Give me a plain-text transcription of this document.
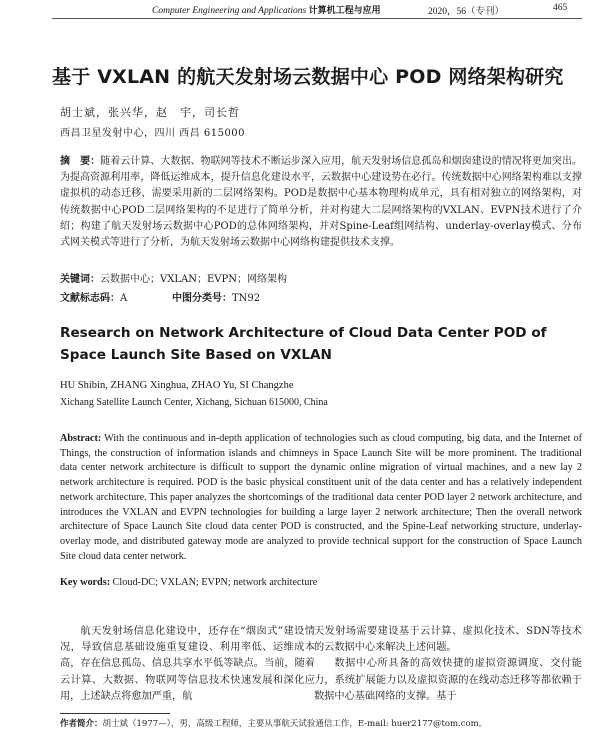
Computer Engineering and Applications 计算机工程与应用	2020，56（专刊）	465
基于 VXLAN 的航天发射场云数据中心 POD 网络架构研究
胡士斌，张兴华，赵　宇，司长哲
西昌卫星发射中心，四川 西昌 615000
摘　要：随着云计算、大数据、物联网等技术不断运步深入应用，航天发射场信息孤岛和烟囱建设的情况将更加突出。为提高资源利用率，降低运维成本，提升信息化建设水平，云数据中心建设势在必行。传统数据中心网络架构难以支撑虚拟机的动态迁移，需要采用新的二层网络架构。POD是数据中心基本物理构成单元，具有相对独立的网络架构，对传统数据中心POD二层网络架构的不足进行了简单分析，并对构建大二层网络架构的VXLAN、EVPN技术进行了介绍；构建了航天发射场云数据中心POD的总体网络架构，并对Spine-Leaf组网结构、underlay-overlay模式、分布式网关模式等进行了分析，为航天发射场云数据中心网络构建提供技术支撑。
关键词：云数据中心；VXLAN；EVPN；网络架构
文献标志码：A	中图分类号：TN92
Research on Network Architecture of Cloud Data Center POD of Space Launch Site Based on VXLAN
HU Shibin, ZHANG Xinghua, ZHAO Yu, SI Changzhe
Xichang Satellite Launch Center, Xichang, Sichuan 615000, China
Abstract: With the continuous and in-depth application of technologies such as cloud computing, big data, and the Internet of Things, the construction of information islands and chimneys in Space Launch Site will be more prominent. The traditional data center network architecture is difficult to support the dynamic online migration of virtual machines, and a new lay 2 network architecture is required. POD is the basic physical constituent unit of the data center and has a relatively independent network architecture. This paper analyzes the shortcomings of the traditional data center POD layer 2 network architecture, and introduces the VXLAN and EVPN technologies for building a large layer 2 network architecture; Then the overall network architecture of Space Launch Site cloud data center POD is constructed, and the Spine-Leaf networking structure, underlay-overlay mode, and distributed gateway mode are analyzed to provide technical support for the construction of Space Launch Site cloud data center network.
Key words: Cloud-DC; VXLAN; EVPN; network architecture

航天发射场信息化建设中，还存在“烟囱式”建设情况，导致信息基础设施重复建设、利用率低、运维成本高，存在信息孤岛、信息共享水平低等缺点。当前，随着云计算、大数据、物联网等信息技术快速发展和深化应用，上述缺点将愈加严重，航

天发射场需要建设基于云计算、虚拟化技术、SDN等技术的云数据中心来解决上述问题。

数据中心所具备的高效快捷的虚拟资源调度、交付能力，系统扩展能力以及虚拟资源的在线动态迁移等都依赖于数据中心基础网络的支撑。基于

作者简介：胡士斌（1977—），男，高级工程师，主要从事航天试验通信工作，E-mail: huer2177@tom.com。
